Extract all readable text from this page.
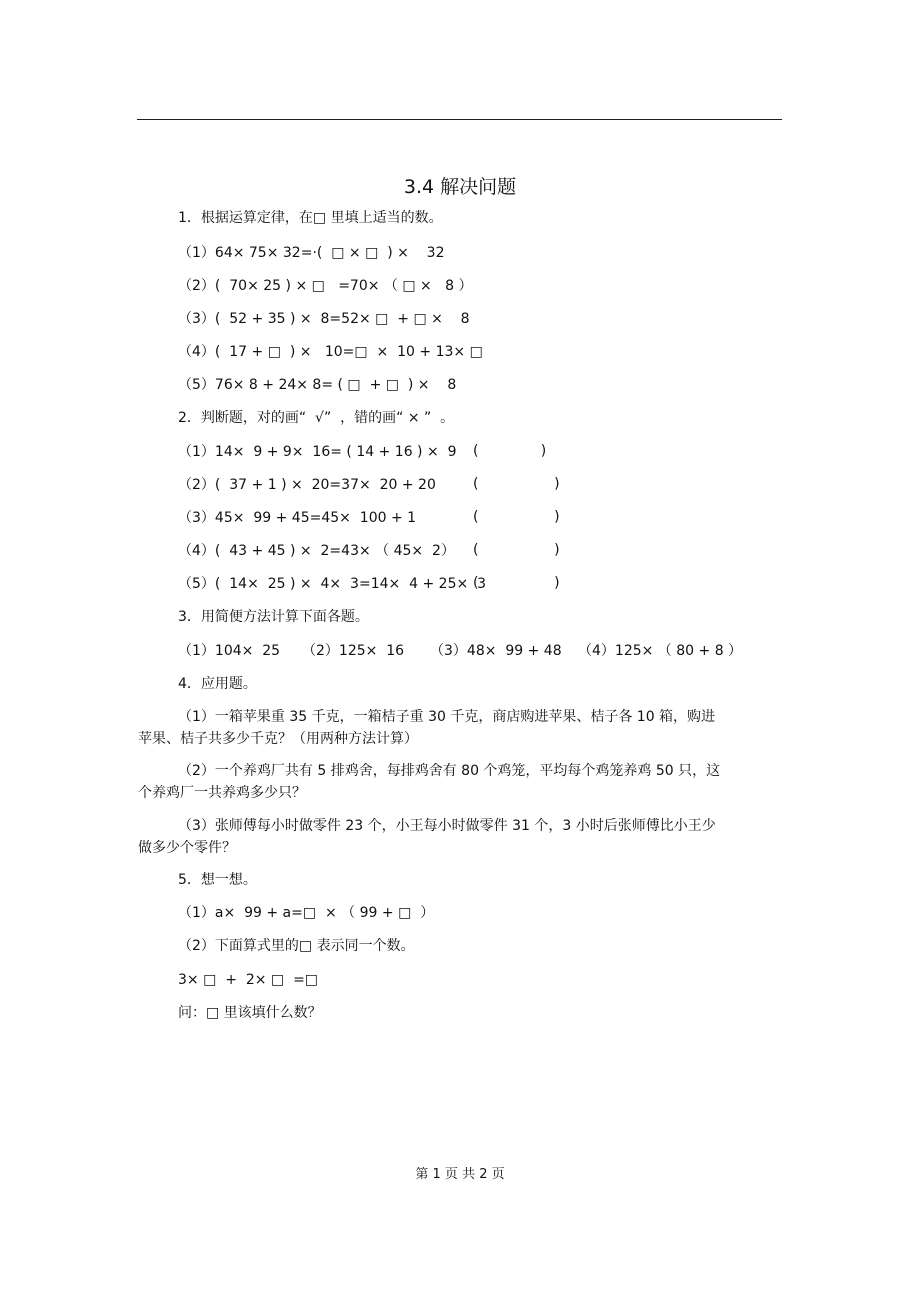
3.4 解决问题
1．根据运算定律，在□ 里填上适当的数。
（1）64× 75× 32=·(  □ × □  ) ×    32
（2）(  70× 25 ) × □   =70× （ □ ×   8 ）
（3）(  52 + 35 ) ×  8=52× □  + □ ×    8
（4）(  17 + □  ) ×   10=□  ×  10 + 13× □
（5）76× 8 + 24× 8= ( □  + □  ) ×    8
2．判断题，对的画“  √”  ，错的画“ × ”  。
（1）14×  9 + 9×  16= ( 14 + 16 ) ×  9 (              )
（2）(  37 + 1 ) ×  20=37×  20 + 20	(                 )
（3）45×  99 + 45=45×  100 + 1	(                 )
（4）(  43 + 45 ) ×  2=43× （ 45×  2） (                 )
（5）(  14×  25 ) ×  4×  3=14×  4 + 25×  3
(                 )
3．用简便方法计算下面各题。
（1）104×  25 （2）125×  16 （3）48×  99 + 48 （4）125× （ 80 + 8 ）
4．应用题。
（1）一箱苹果重 35 千克，一箱桔子重 30 千克，商店购进苹果、桔子各 10 箱，购进
苹果、桔子共多少千克？（用两种方法计算）
（2）一个养鸡厂共有 5 排鸡舍，每排鸡舍有 80 个鸡笼，平均每个鸡笼养鸡 50 只，这
个养鸡厂一共养鸡多少只？
（3）张师傅每小时做零件 23 个，小王每小时做零件 31 个，3 小时后张师傅比小王少
做多少个零件？
5．想一想。
（1）a×  99 + a=□  × （ 99 + □  ）
（2）下面算式里的□ 表示同一个数。
3× □  +  2× □  =□
问：□ 里该填什么数？
第 1 页 共 2 页
